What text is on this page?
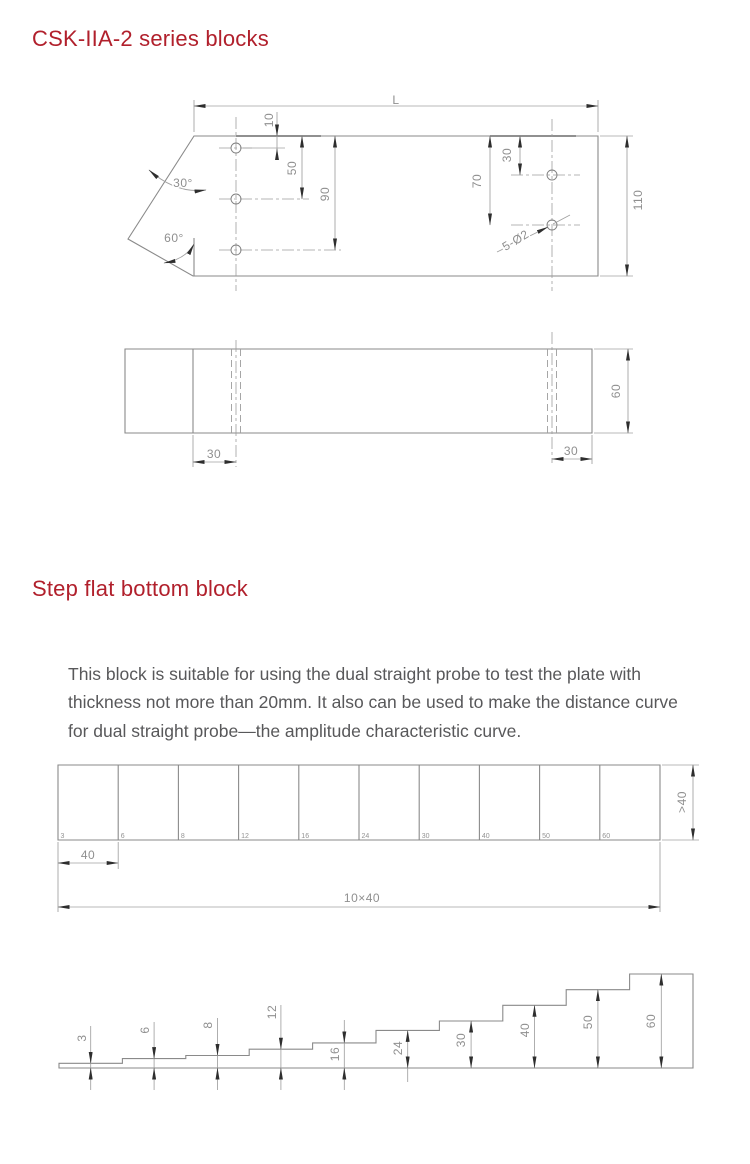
CSK-IIA-2 series blocks
L
10
50
90
30
70
110
30°
60°	5-Ø2
30	30
60
Step flat bottom block

This block is suitable for using the dual straight probe to test the plate with thickness not more than 20mm. It also can be used to make the distance curve for dual straight probe—the amplitude characteristic curve.

3	6	8	12	16	24	30	40	50	60
40
10×40
>40
3
6
8
12
16	24
30
40
50	60
